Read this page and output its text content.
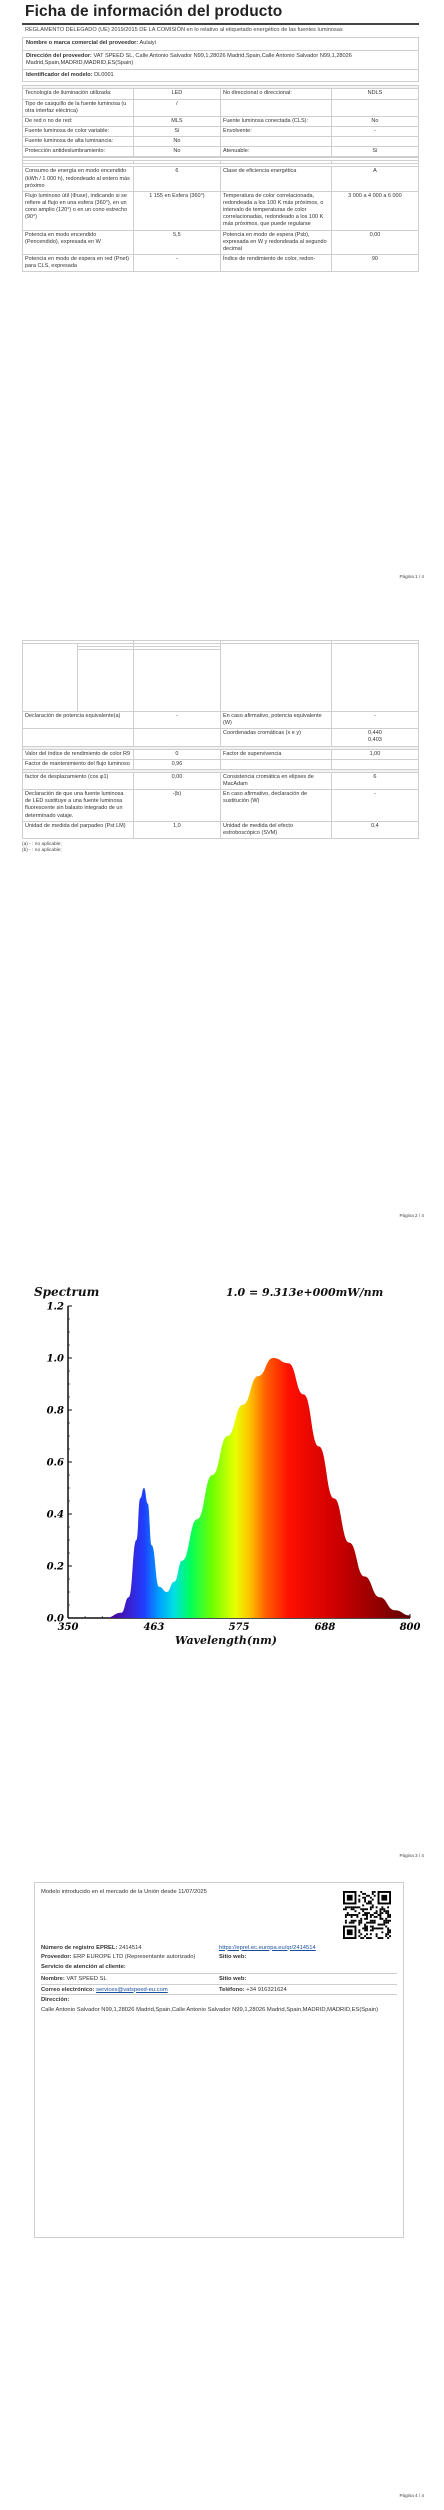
Ficha de información del producto
REGLAMENTO DELEGADO (UE) 2019/2015 DE LA COMISIÓN en lo relativo al etiquetado energético de las fuentes luminosas
Nombre o marca comercial del proveedor: Aulaiyi
Dirección del proveedor: VAT SPEED SL, Calle Antonio Salvador N99,1,28026 Madrid,Spain,Calle Antonio Salvador N99,1,28026 Madrid,Spain,MADRID,MADRID,ES(Spain)
Identificador del modelo: DL0001

Tecnología de iluminación utilizada:	LED	No direccional o direccional:	NDLS
Tipo de casquillo de la fuente luminosa (u otra interfaz eléctrica)	/		
De red o no de red:	MLS	Fuente luminosa conectada (CLS):	No
Fuente luminosa de color variable:	Sí	Envolvente:	-
Fuente luminosa de alta luminancia:	No		
Protección antideslumbramiento:	No	Atenuable:	Sí

Consumo de energía en modo encendido (kWh / 1 000 h), redondeado al entero más próximo	6	Clase de eficiencia energética	A
Flujo luminoso útil (Φuse), indicando si se refiere al flujo en una esfera (360°), en un cono amplio (120°) o en un cono estrecho (90°)	1 155 en Esfera (360°)	Temperatura de color correlacionada, redondeada a los 100 K más próximos, o intervalo de temperaturas de color correlacionadas, redondeado a los 100 K más próximos, que puede regularse	3 000 a 4 000 a 6 000
Potencia en modo encendido (Pencendido), expresada en W	5,5	Potencia en modo de espera (Psb), expresada en W y redondeada al segundo decimal	0,00
Potencia en modo de espera en red (Pnet) para CLS, expresada	-	Índice de rendimiento de color, redon-	90
Página 1 / 4

Declaración de potencia equivalente(a)		-	En caso afirmativo, potencia equivalente (W)	-
			Coordenadas cromáticas (x e y)	0,440
0,403

Valor del índice de rendimiento de color R9		0	Factor de supervivencia	1,00
Factor de mantenimiento del flujo luminoso		0,96		

factor de desplazamiento (cos φ1)		0,00	Consistencia cromática en elipses de MacAdam	6
Declaración de que una fuente luminosa de LED sustituye a una fuente luminosa fluorescente sin balasto integrado de un determinado vataje.		-(b)	En caso afirmativo, declaración de sustitución (W)	-
Unidad de medida del parpadeo (Pst LM)		1,0	Unidad de medida del efecto estroboscópico (SVM)	0,4
(a) - : no aplicable;
(b) - : no aplicable;
Página 2 / 4
Spectrum	1.0 = 9.313e+000mW/nm
0.0
0.2
0.4
0.6
0.8
1.0
1.2
350	463	575	688	800
Wavelength(nm)
Página 3 / 4
Modelo introducido en el mercado de la Unión desde 11/07/2025
Número de registro EPREL: 2414514	https://eprel.ec.europa.eu/qr/2414514
Proveedor: ERP EUROPE LTD (Representante autorizado)	Sitio web:
Servicio de atención al cliente:
Nombre: VAT SPEED SL	Sitio web:
Correo electrónico: services@vatspeed-eu.com	Teléfono: +34 916321624
Dirección:
Calle Antonio Salvador N99,1,28026 Madrid,Spain,Calle Antonio Salvador N99,1,28026 Madrid,Spain,MADRID,MADRID,ES(Spain)
Página 4 / 4
